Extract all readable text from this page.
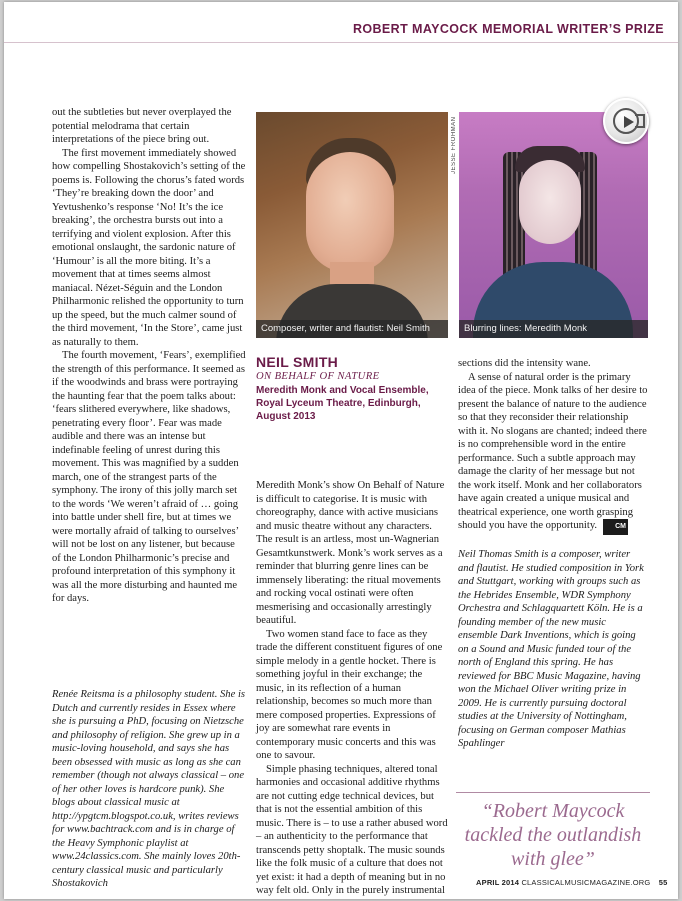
ROBERT MAYCOCK MEMORIAL WRITER’S PRIZE

out the subtleties but never overplayed the potential melodrama that certain interpretations of the piece bring out.

The first movement immediately showed how compelling Shostakovich’s setting of the poems is. Following the chorus’s fated words ‘They’re breaking down the door’ and Yevtushenko’s response ‘No! It’s the ice breaking’, the orchestra bursts out into a terrifying and violent explosion. After this emotional onslaught, the sardonic nature of ‘Humour’ is all the more biting. It’s a movement that at times seems almost maniacal. Nézet-Séguin and the London Philharmonic relished the opportunity to turn up the speed, but the much calmer sound of the third movement, ‘In the Store’, came just as naturally to them.

The fourth movement, ‘Fears’, exemplified the strength of this performance. It seemed as if the woodwinds and brass were portraying the haunting fear that the poem talks about: ‘fears slithered everywhere, like shadows, penetrating every floor’. Fear was made audible and there was an intense but indefinable feeling of unrest during this movement. This was magnified by a sudden march, one of the strangest parts of the symphony. The irony of this jolly march set to the words ‘We weren’t afraid of … going into battle under shell fire, but at times we were mortally afraid of talking to ourselves’ will not be lost on any listener, but because of the London Philharmonic’s precise and profound interpretation of this symphony it was all the more disturbing and haunted me for days.

Renée Reitsma is a philosophy student. She is Dutch and currently resides in Essex where she is pursuing a PhD, focusing on Nietzsche and philosophy of religion. She grew up in a music-loving household, and says she has been obsessed with music as long as she can remember (though not always classical – one of her other loves is hardcore punk). She blogs about classical music at http://ypgtcm.blogspot.co.uk, writes reviews for www.bachtrack.com and is in charge of the Heavy Symphonic playlist at www.24classics.com. She mainly loves 20th-century classical music and particularly Shostakovich

Composer, writer and flautist: Neil Smith
JESSE FROHMAN
Blurring lines: Meredith Monk
NEIL SMITH
ON BEHALF OF NATURE
Meredith Monk and Vocal Ensemble, Royal Lyceum Theatre, Edinburgh, August 2013

Meredith Monk’s show On Behalf of Nature is difficult to categorise. It is music with choreography, dance with active musicians and music theatre without any characters. The result is an artless, most un-Wagnerian Gesamtkunstwerk. Monk’s work serves as a reminder that blurring genre lines can be immensely liberating: the ritual movements and rocking vocal ostinati were often mesmerising and occasionally arrestingly beautiful.

Two women stand face to face as they trade the different constituent figures of one simple melody in a gentle hocket. There is something joyful in their exchange; the music, in its reflection of a human relationship, becomes so much more than mere composed properties. Expressions of joy are somewhat rare events in contemporary music concerts and this was one to savour.

Simple phasing techniques, altered tonal harmonies and occasional additive rhythms are not cutting edge technical devices, but that is not the essential ambition of this music. There is – to use a rather abused word – an authenticity to the performance that transcends petty shoptalk. The music sounds like the folk music of a culture that does not yet exist: it had a depth of meaning but in no way felt old. Only in the purely instrumental

sections did the intensity wane.

A sense of natural order is the primary idea of the piece. Monk talks of her desire to present the balance of nature to the audience so that they reconsider their relationship with it. No slogans are chanted; indeed there is no comprehensible word in the entire performance. Such a subtle approach may damage the clarity of her message but not the work itself. Monk and her collaborators have again created a unique musical and theatrical experience, one worth grasping should you have the opportunity.	CM

Neil Thomas Smith is a composer, writer and flautist. He studied composition in York and Stuttgart, working with groups such as the Hebrides Ensemble, WDR Symphony Orchestra and Schlagquartett Köln. He is a founding member of the new music ensemble Dark Inventions, which is going on a Sound and Music funded tour of the north of England this spring. He has reviewed for BBC Music Magazine, having won the Michael Oliver writing prize in 2009. He is currently pursuing doctoral studies at the University of Nottingham, focusing on German composer Mathias Spahlinger

“Robert Maycock tackled the outlandish with glee”
APRIL 2014 CLASSICALMUSICMAGAZINE.ORG 55
